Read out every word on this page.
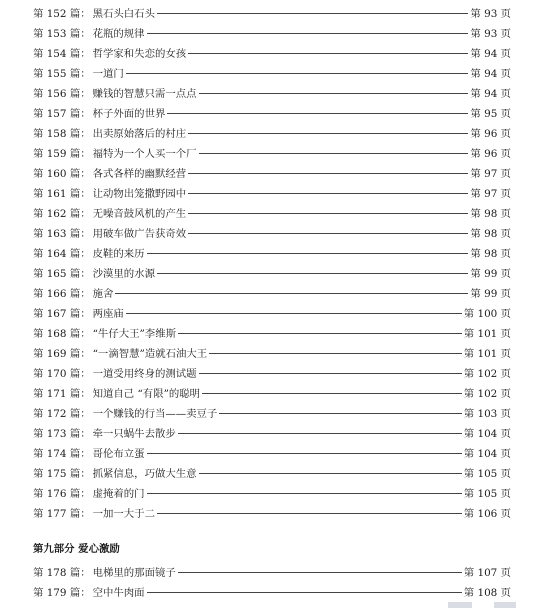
第 152 篇： 黑石头白石头	第 93 页
第 153 篇： 花瓶的规律	第 93 页
第 154 篇： 哲学家和失恋的女孩	第 94 页
第 155 篇： 一道门	第 94 页
第 156 篇： 赚钱的智慧只需一点点	第 94 页
第 157 篇： 杯子外面的世界	第 95 页
第 158 篇： 出卖原始落后的村庄	第 96 页
第 159 篇： 福特为一个人买一个厂	第 96 页
第 160 篇： 各式各样的幽默经营	第 97 页
第 161 篇： 让动物出笼撒野园中	第 97 页
第 162 篇： 无噪音鼓风机的产生	第 98 页
第 163 篇： 用破车做广告获奇效	第 98 页
第 164 篇： 皮鞋的来历	第 98 页
第 165 篇： 沙漠里的水源	第 99 页
第 166 篇： 施舍	第 99 页
第 167 篇： 两座庙	第 100 页
第 168 篇： “牛仔大王”李维斯	第 101 页
第 169 篇： “一滴智慧”造就石油大王	第 101 页
第 170 篇： 一道受用终身的测试题	第 102 页
第 171 篇： 知道自己 “有限”的聪明	第 102 页
第 172 篇： 一个赚钱的行当——卖豆子	第 103 页
第 173 篇： 牵一只蜗牛去散步	第 104 页
第 174 篇： 哥伦布立蛋	第 104 页
第 175 篇： 抓紧信息，巧做大生意	第 105 页
第 176 篇： 虚掩着的门	第 105 页
第 177 篇： 一加一大于二	第 106 页
第九部分 爱心激励
第 178 篇： 电梯里的那面镜子	第 107 页
第 179 篇： 空中牛肉面	第 108 页
